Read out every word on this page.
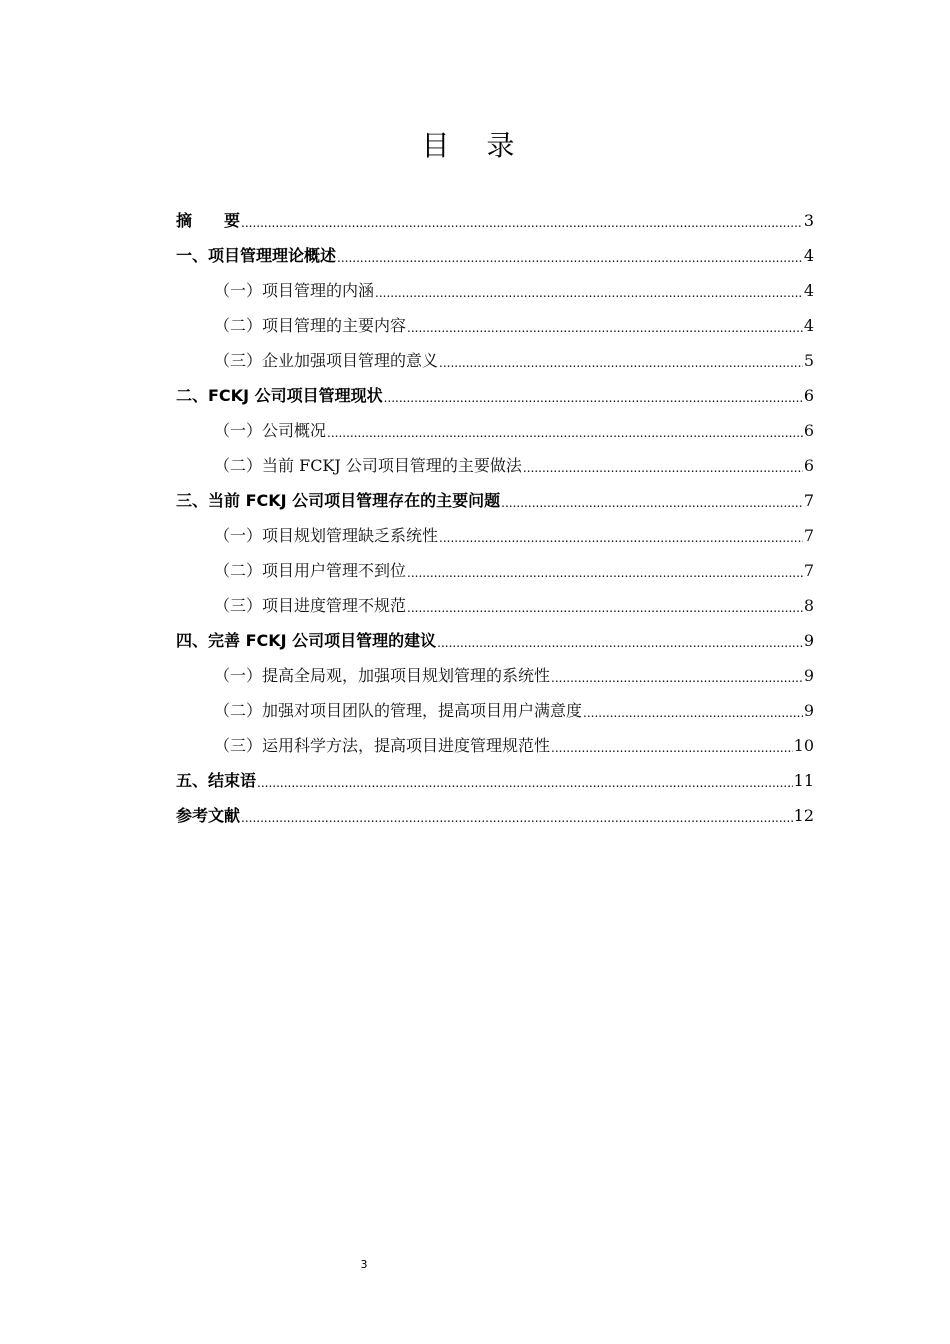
目 录
摘　　要 .....	3
一、项目管理理论概述 .....	4
（一）项目管理的内涵 .....	4
（二）项目管理的主要内容 .....	4
（三）企业加强项目管理的意义 .....	5
二、FCKJ 公司项目管理现状 .....	6
（一）公司概况 .....	6
（二）当前 FCKJ 公司项目管理的主要做法 .....	6
三、当前 FCKJ 公司项目管理存在的主要问题 .....	7
（一）项目规划管理缺乏系统性 .....	7
（二）项目用户管理不到位 .....	7
（三）项目进度管理不规范 .....	8
四、完善 FCKJ 公司项目管理的建议 .....	9
（一）提高全局观，加强项目规划管理的系统性 .....	9
（二）加强对项目团队的管理，提高项目用户满意度 .....	9
（三）运用科学方法，提高项目进度管理规范性 .....	10
五、结束语 .....	11
参考文献 .....	12
3
